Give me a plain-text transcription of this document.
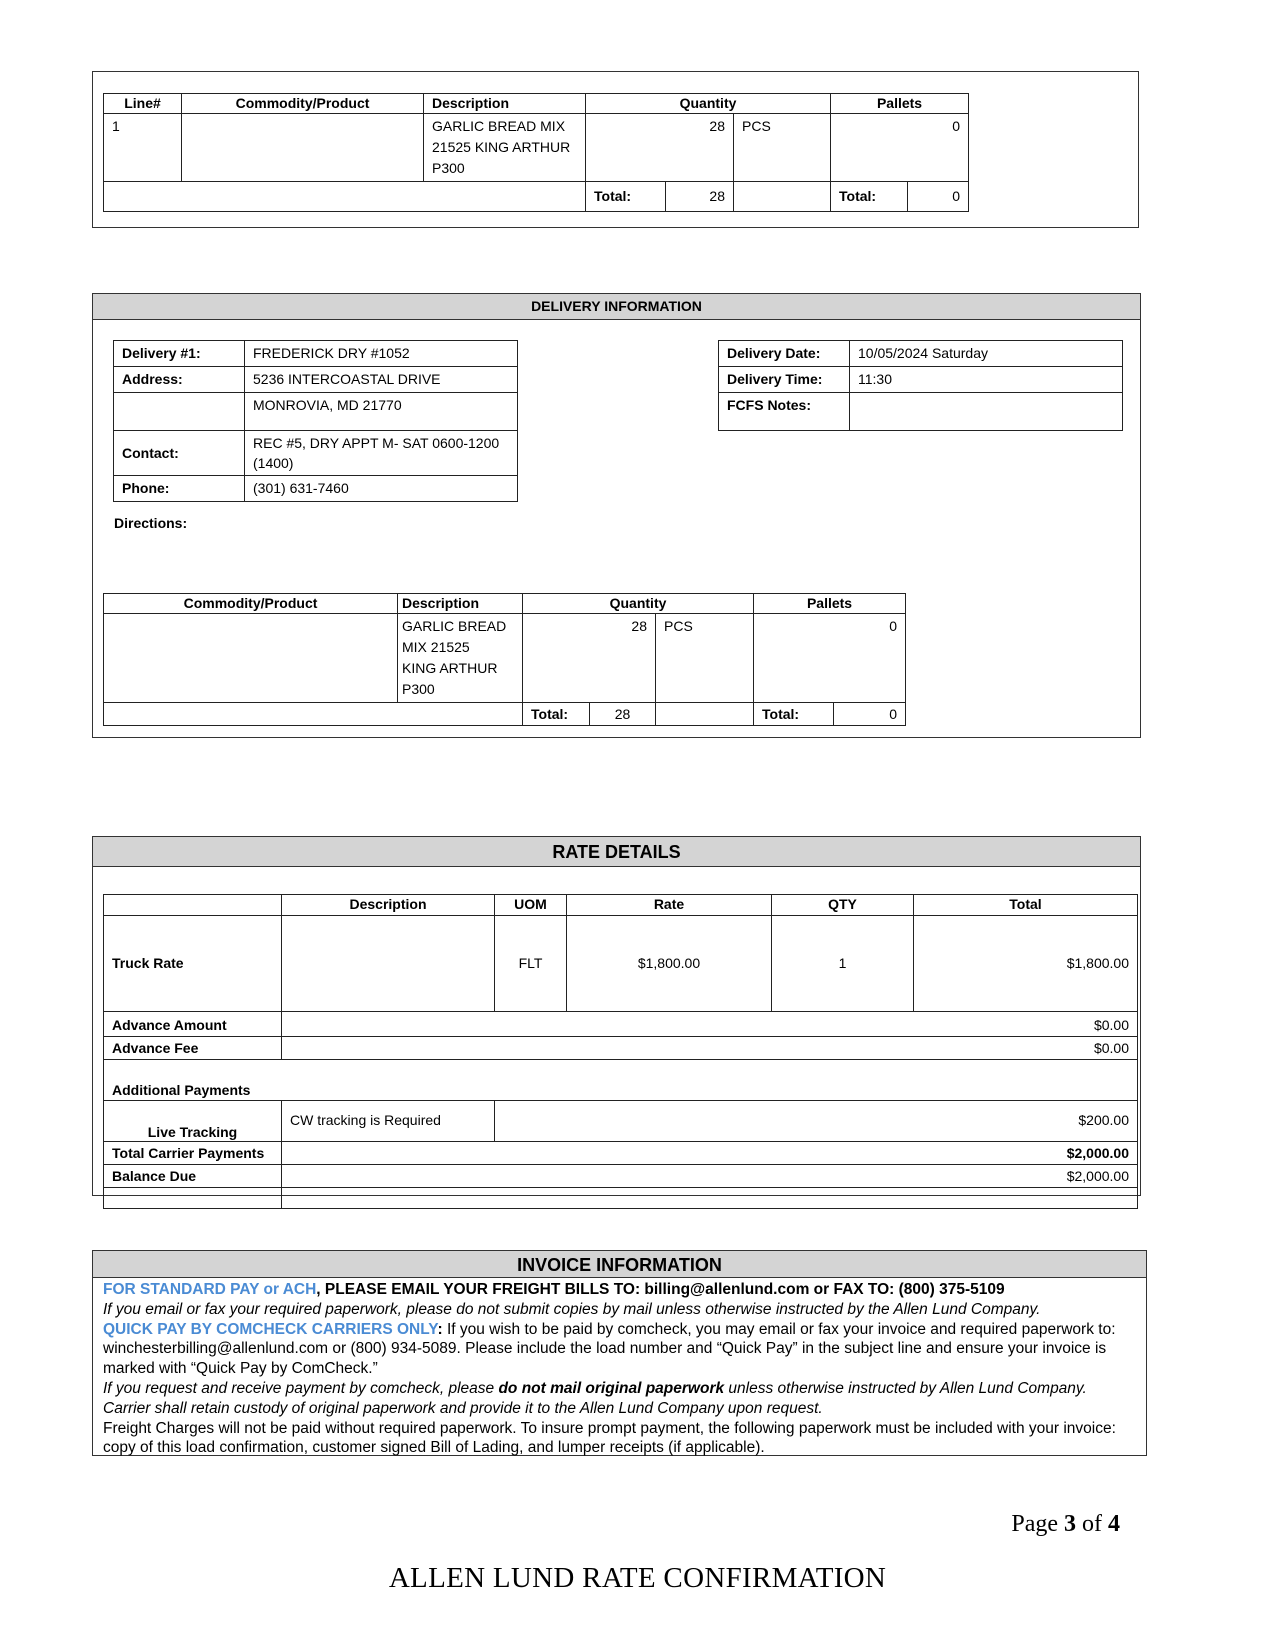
Line#	Commodity/Product	Description	Quantity			Pallets	
1		GARLIC BREAD MIX
21525 KING ARTHUR
P300	28		PCS	0	
			Total:	28		Total:	0
DELIVERY INFORMATION
Delivery #1:	FREDERICK DRY #1052
Address:	5236 INTERCOASTAL DRIVE
	MONROVIA, MD 21770
Contact:	REC #5, DRY APPT M- SAT 0600-1200 (1400)
Phone:	(301) 631-7460
Delivery Date:	10/05/2024 Saturday
Delivery Time:	11:30
FCFS Notes:	
Directions:
Commodity/Product	Description	Quantity			Pallets	

	GARLIC BREAD
MIX 21525
KING ARTHUR
P300	28		PCS	0	
		Total:	28		Total:	0
RATE DETAILS
	Description	UOM	Rate	QTY	Total
Truck Rate		FLT	$1,800.00	1	$1,800.00
Advance Amount	$0.00				
Advance Fee	$0.00				
Additional Payments					
Live Tracking	CW tracking is Required	$200.00			
Total Carrier Payments	$2,000.00				
Balance Due	$2,000.00				

INVOICE INFORMATION
FOR STANDARD PAY or ACH, PLEASE EMAIL YOUR FREIGHT BILLS TO: billing@allenlund.com or FAX TO: (800) 375-5109
If you email or fax your required paperwork, please do not submit copies by mail unless otherwise instructed by the Allen Lund Company.
QUICK PAY BY COMCHECK CARRIERS ONLY: If you wish to be paid by comcheck, you may email or fax your invoice and required paperwork to: winchesterbilling@allenlund.com or (800) 934-5089. Please include the load number and “Quick Pay” in the subject line and ensure your invoice is marked with “Quick Pay by ComCheck.”
If you request and receive payment by comcheck, please do not mail original paperwork unless otherwise instructed by Allen Lund Company. Carrier shall retain custody of original paperwork and provide it to the Allen Lund Company upon request.
Freight Charges will not be paid without required paperwork. To insure prompt payment, the following paperwork must be included with your invoice: copy of this load confirmation, customer signed Bill of Lading, and lumper receipts (if applicable).
Page 3 of 4
ALLEN LUND RATE CONFIRMATION
